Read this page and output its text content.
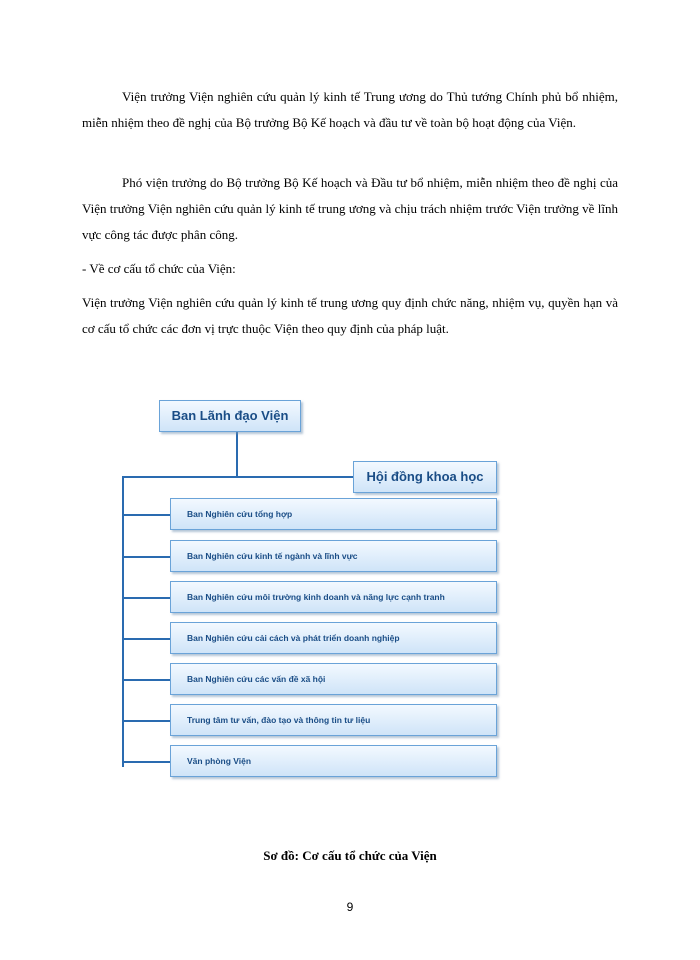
Viện trưởng Viện nghiên cứu quản lý kinh tế Trung ương do Thủ tướng Chính phủ bổ nhiệm, miễn nhiệm theo đề nghị của Bộ trưởng Bộ Kế hoạch và đầu tư về toàn bộ hoạt động của Viện.

Phó viện trưởng do Bộ trưởng Bộ Kế hoạch và Đầu tư bổ nhiệm, miễn nhiệm theo đề nghị của Viện trưởng Viện nghiên cứu quản lý kinh tế trung ương và chịu trách nhiệm trước Viện trưởng về lĩnh vực công tác được phân công.

- Về cơ cấu tổ chức của Viện:

Viện trưởng Viện nghiên cứu quản lý kinh tế trung ương quy định chức năng, nhiệm vụ, quyền hạn và cơ cấu tổ chức các đơn vị trực thuộc Viện theo quy định của pháp luật.

Ban Lãnh đạo Viện
Hội đồng khoa học
Ban Nghiên cứu tổng hợp
Ban Nghiên cứu kinh tế ngành và lĩnh vực
Ban Nghiên cứu môi trường kinh doanh và năng lực cạnh tranh
Ban Nghiên cứu cải cách và phát triển doanh nghiệp
Ban Nghiên cứu các vấn đề xã hội
Trung tâm tư vấn, đào tạo và thông tin tư liệu
Văn phòng Viện
Sơ đồ: Cơ cấu tổ chức của Viện
9
